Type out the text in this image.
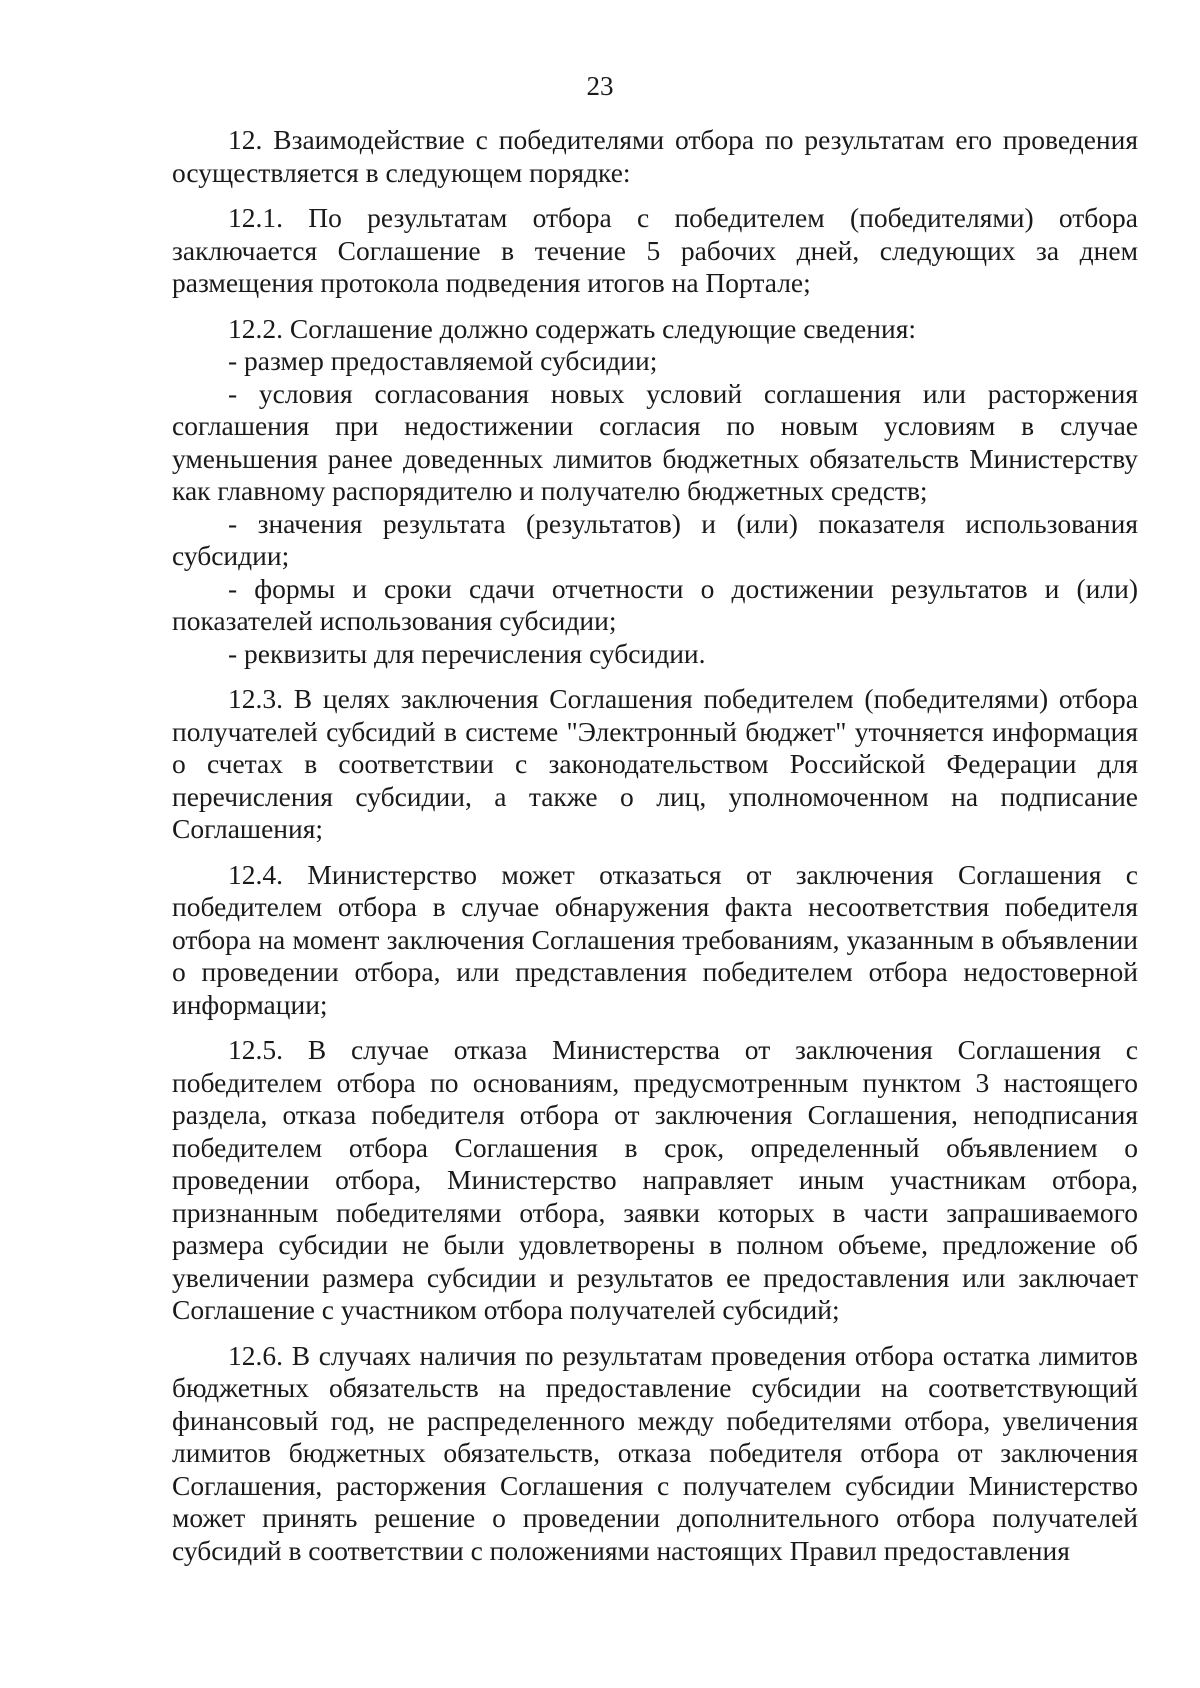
23

12. Взаимодействие с победителями отбора по результатам его проведения осуществляется в следующем порядке:

12.1. По результатам отбора с победителем (победителями) отбора заключается Соглашение в течение 5 рабочих дней, следующих за днем размещения протокола подведения итогов на Портале;

12.2. Соглашение должно содержать следующие сведения:

- размер предоставляемой субсидии;

- условия согласования новых условий соглашения или расторжения соглашения при недостижении согласия по новым условиям в случае уменьшения ранее доведенных лимитов бюджетных обязательств Министерству как главному распорядителю и получателю бюджетных средств;

- значения результата (результатов) и (или) показателя использования субсидии;

- формы и сроки сдачи отчетности о достижении результатов и (или) показателей использования субсидии;

- реквизиты для перечисления субсидии.

12.3. В целях заключения Соглашения победителем (победителями) отбора получателей субсидий в системе "Электронный бюджет" уточняется информация о счетах в соответствии с законодательством Российской Федерации для перечисления субсидии, а также о лиц, уполномоченном на подписание Соглашения;

12.4. Министерство может отказаться от заключения Соглашения с победителем отбора в случае обнаружения факта несоответствия победителя отбора на момент заключения Соглашения требованиям, указанным в объявлении о проведении отбора, или представления победителем отбора недостоверной информации;

12.5. В случае отказа Министерства от заключения Соглашения с победителем отбора по основаниям, предусмотренным пунктом 3 настоящего раздела, отказа победителя отбора от заключения Соглашения, неподписания победителем отбора Соглашения в срок, определенный объявлением о проведении отбора, Министерство направляет иным участникам отбора, признанным победителями отбора, заявки которых в части запрашиваемого размера субсидии не были удовлетворены в полном объеме, предложение об увеличении размера субсидии и результатов ее предоставления или заключает Соглашение с участником отбора получателей субсидий;

12.6. В случаях наличия по результатам проведения отбора остатка лимитов бюджетных обязательств на предоставление субсидии на соответствующий финансовый год, не распределенного между победителями отбора, увеличения лимитов бюджетных обязательств, отказа победителя отбора от заключения Соглашения, расторжения Соглашения с получателем субсидии Министерство может принять решение о проведении дополнительного отбора получателей субсидий в соответствии с положениями настоящих Правил предоставления
